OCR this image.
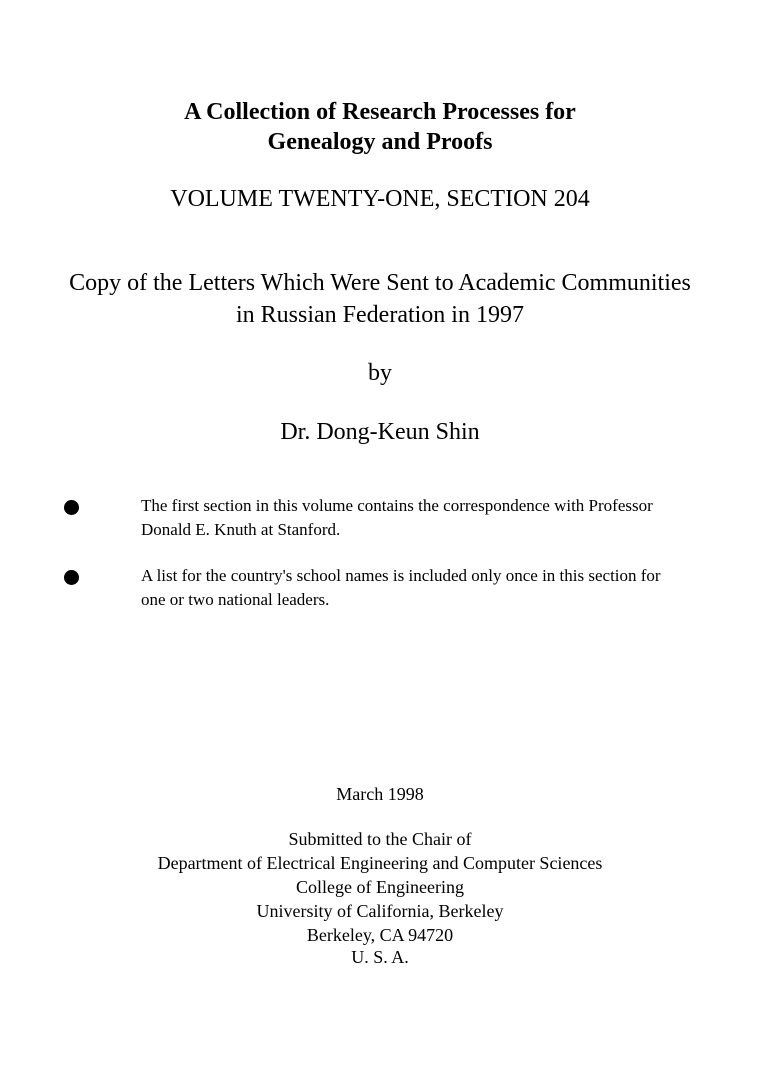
A Collection of Research Processes for
Genealogy and Proofs
VOLUME TWENTY-ONE, SECTION 204
Copy of the Letters Which Were Sent to Academic Communities
in Russian Federation in 1997
by
Dr. Dong-Keun Shin
The first section in this volume contains the correspondence with Professor
Donald E. Knuth at Stanford.
A list for the country's school names is included only once in this section for
one or two national leaders.
March 1998
Submitted to the Chair of
Department of Electrical Engineering and Computer Sciences
College of Engineering
University of California, Berkeley
Berkeley, CA 94720
U. S. A.
